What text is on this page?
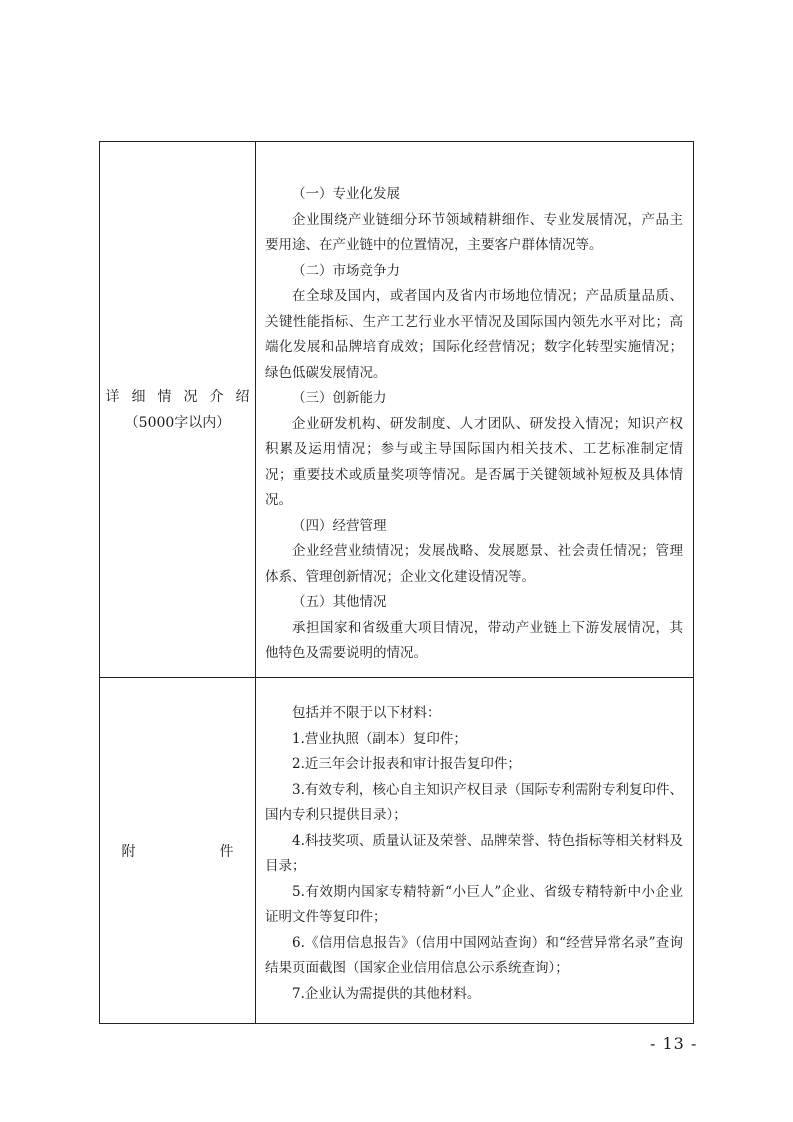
详细情况介绍
（5000字以内）

（一）专业化发展

企业围绕产业链细分环节领域精耕细作、专业发展情况，产品主要用途、在产业链中的位置情况，主要客户群体情况等。

（二）市场竞争力

在全球及国内，或者国内及省内市场地位情况；产品质量品质、关键性能指标、生产工艺行业水平情况及国际国内领先水平对比；高端化发展和品牌培育成效；国际化经营情况；数字化转型实施情况；绿色低碳发展情况。

（三）创新能力

企业研发机构、研发制度、人才团队、研发投入情况；知识产权积累及运用情况；参与或主导国际国内相关技术、工艺标准制定情况；重要技术或质量奖项等情况。是否属于关键领域补短板及具体情况。

（四）经营管理

企业经营业绩情况；发展战略、发展愿景、社会责任情况；管理体系、管理创新情况；企业文化建设情况等。

（五）其他情况

承担国家和省级重大项目情况，带动产业链上下游发展情况，其他特色及需要说明的情况。

附	件

包括并不限于以下材料：

1.营业执照（副本）复印件；

2.近三年会计报表和审计报告复印件；

3.有效专利，核心自主知识产权目录（国际专利需附专利复印件、国内专利只提供目录）；

4.科技奖项、质量认证及荣誉、品牌荣誉、特色指标等相关材料及目录；

5.有效期内国家专精特新“小巨人”企业、省级专精特新中小企业证明文件等复印件；

6.《信用信息报告》（信用中国网站查询）和“经营异常名录”查询结果页面截图（国家企业信用信息公示系统查询）；

7.企业认为需提供的其他材料。

- 13 -
